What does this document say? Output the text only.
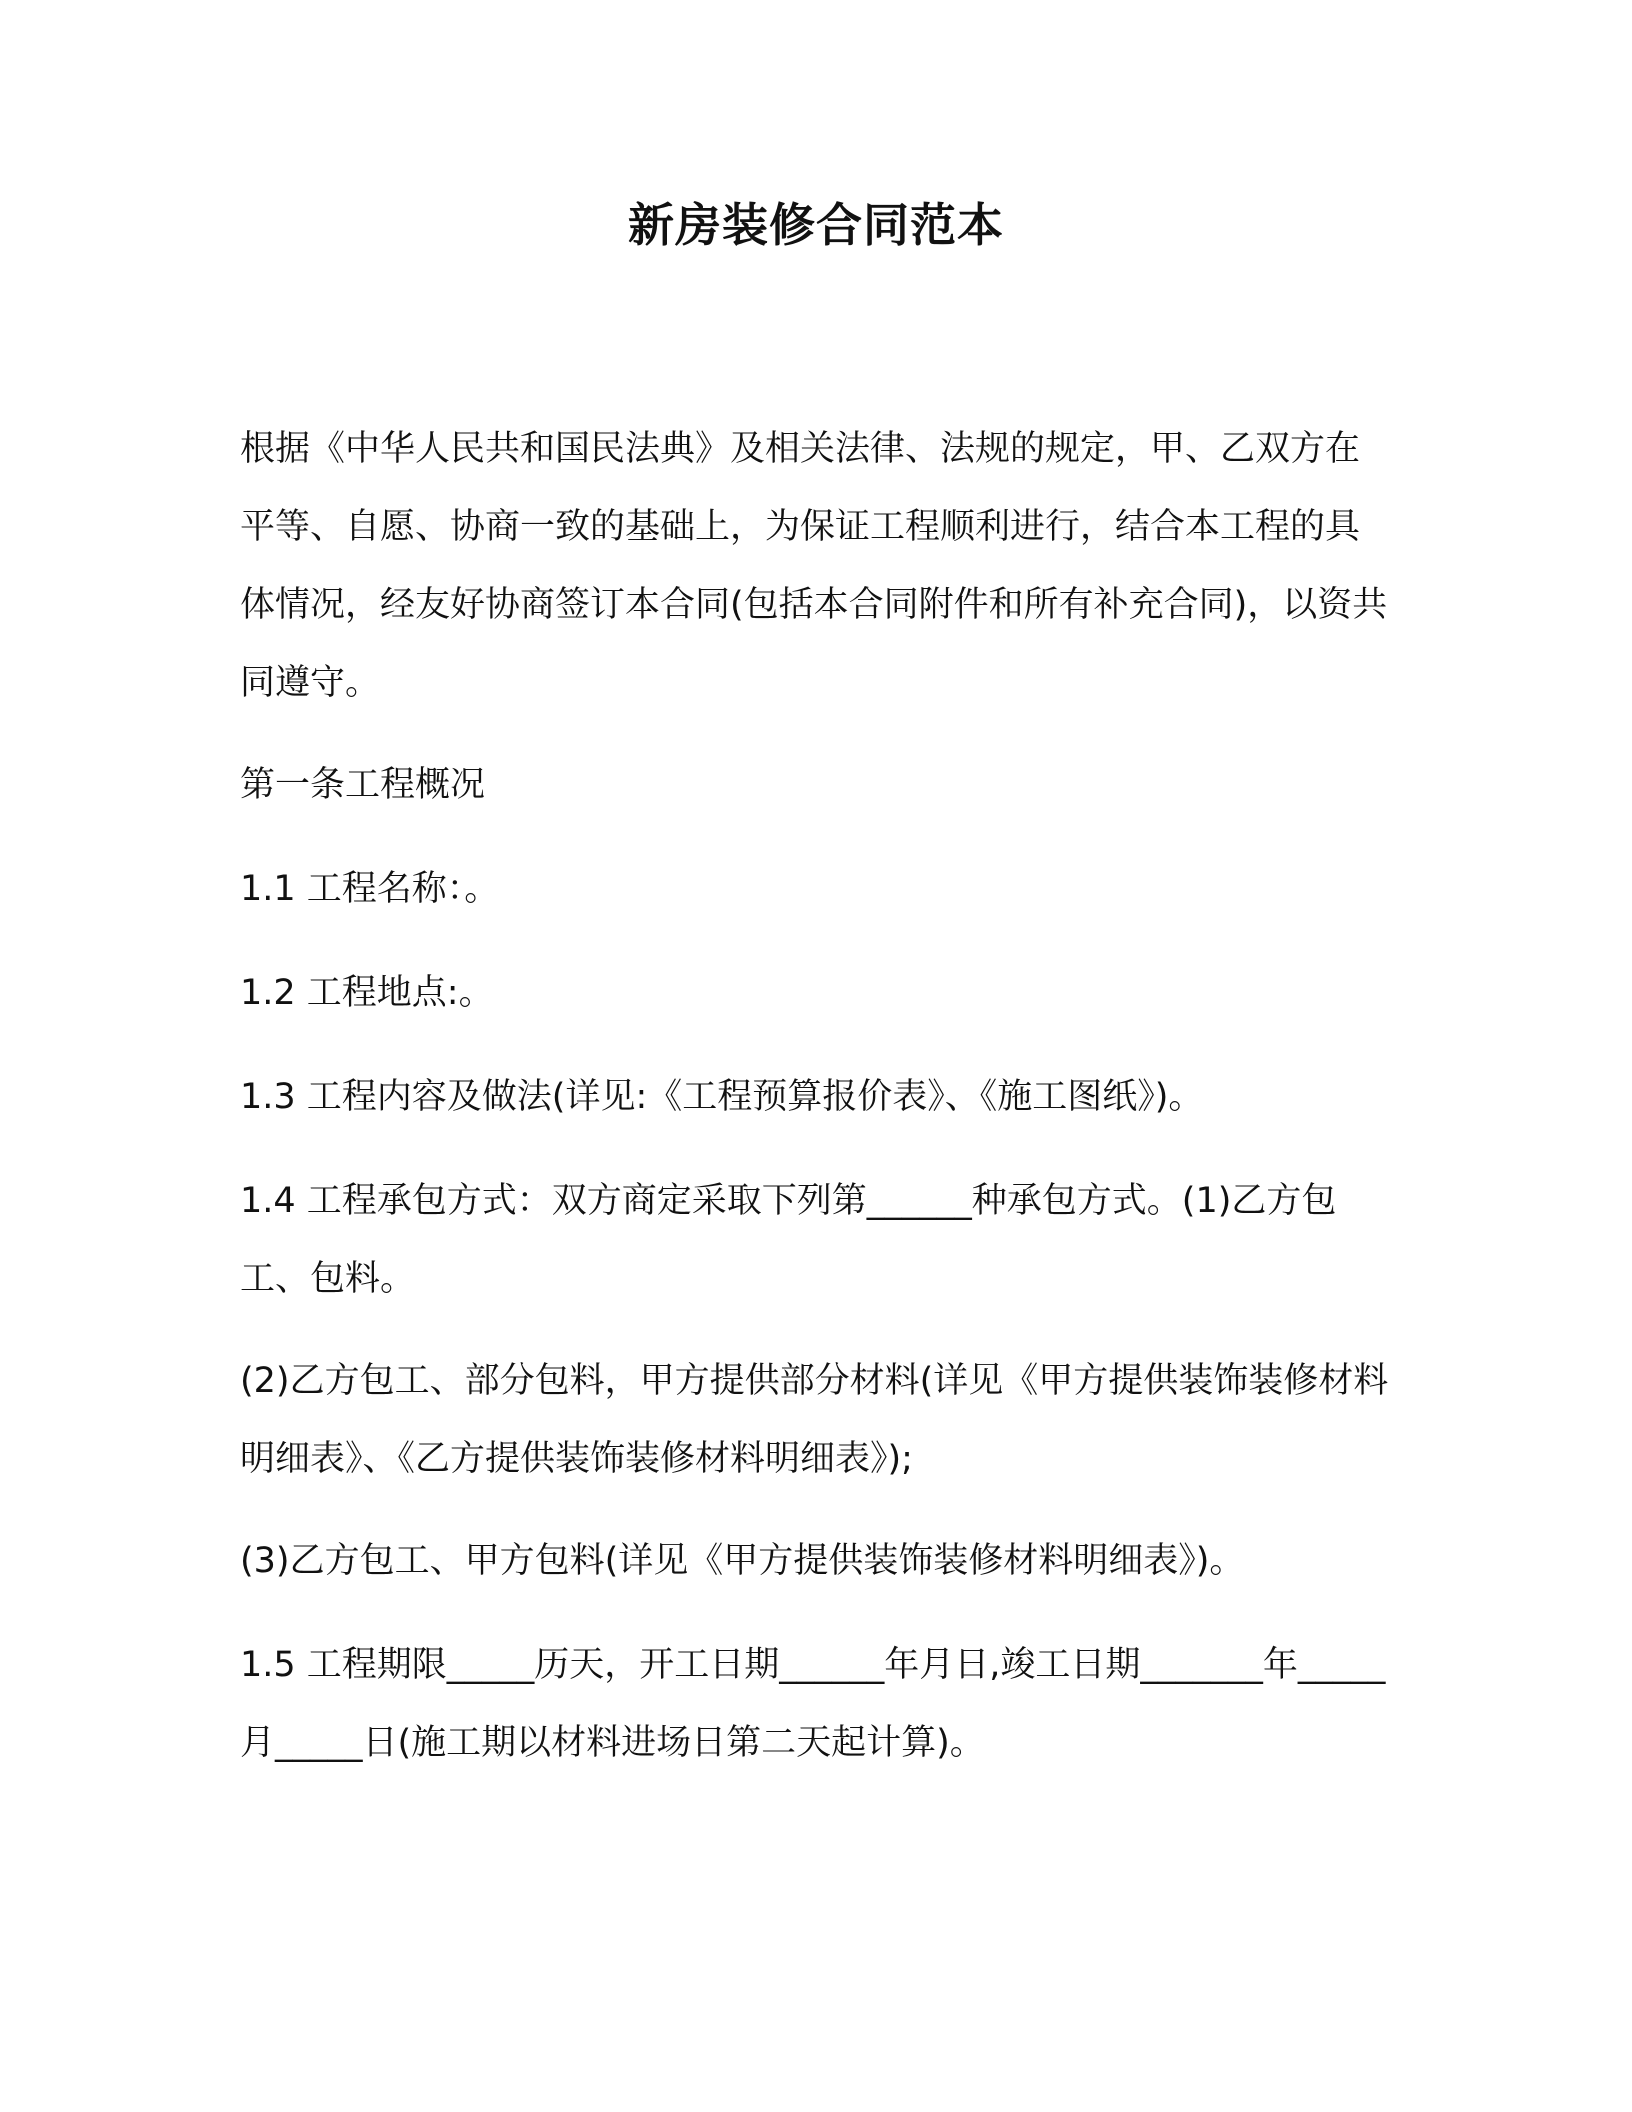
新房装修合同范本

根据《中华人民共和国民法典》及相关法律、法规的规定，甲、乙双方在平等、自愿、协商一致的基础上，为保证工程顺利进行，结合本工程的具体情况，经友好协商签订本合同(包括本合同附件和所有补充合同)，以资共同遵守。

第一条工程概况

1.1 工程名称：。

1.2 工程地点:。

1.3 工程内容及做法(详见:《工程预算报价表》、《施工图纸》)。

1.4 工程承包方式：双方商定采取下列第______种承包方式。(1)乙方包工、包料。

(2)乙方包工、部分包料，甲方提供部分材料(详见《甲方提供装饰装修材料明细表》、《乙方提供装饰装修材料明细表》);

(3)乙方包工、甲方包料(详见《甲方提供装饰装修材料明细表》)。

1.5 工程期限_____历天，开工日期______年月日,竣工日期_______年_____月_____日(施工期以材料进场日第二天起计算)。
